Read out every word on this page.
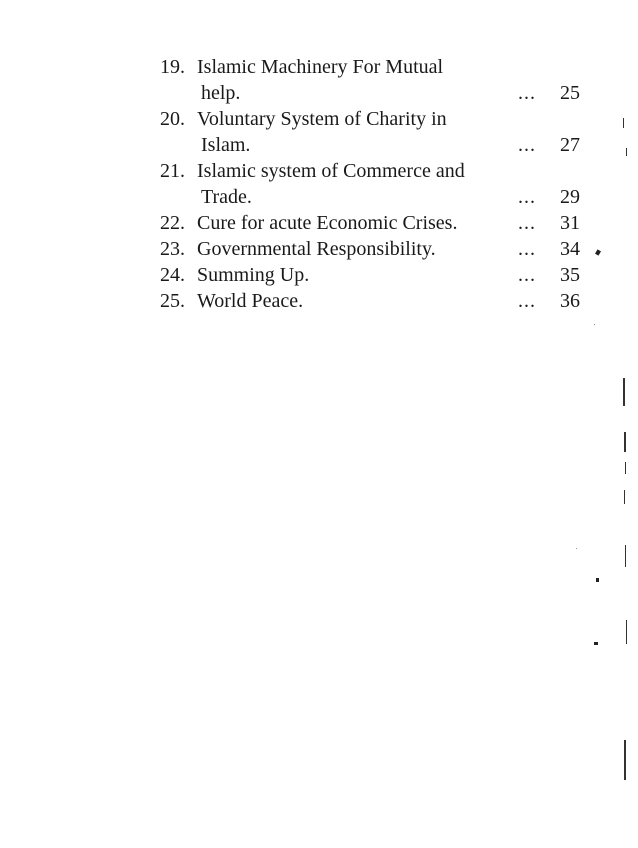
19. Islamic Machinery For Mutual
help.	... 25
20. Voluntary System of Charity in
Islam.	... 27
21. Islamic system of Commerce and
Trade.	... 29
22. Cure for acute Economic Crises.	... 31
23. Governmental Responsibility.	... 34
24. Summing Up.	... 35
25. World Peace.	... 36
